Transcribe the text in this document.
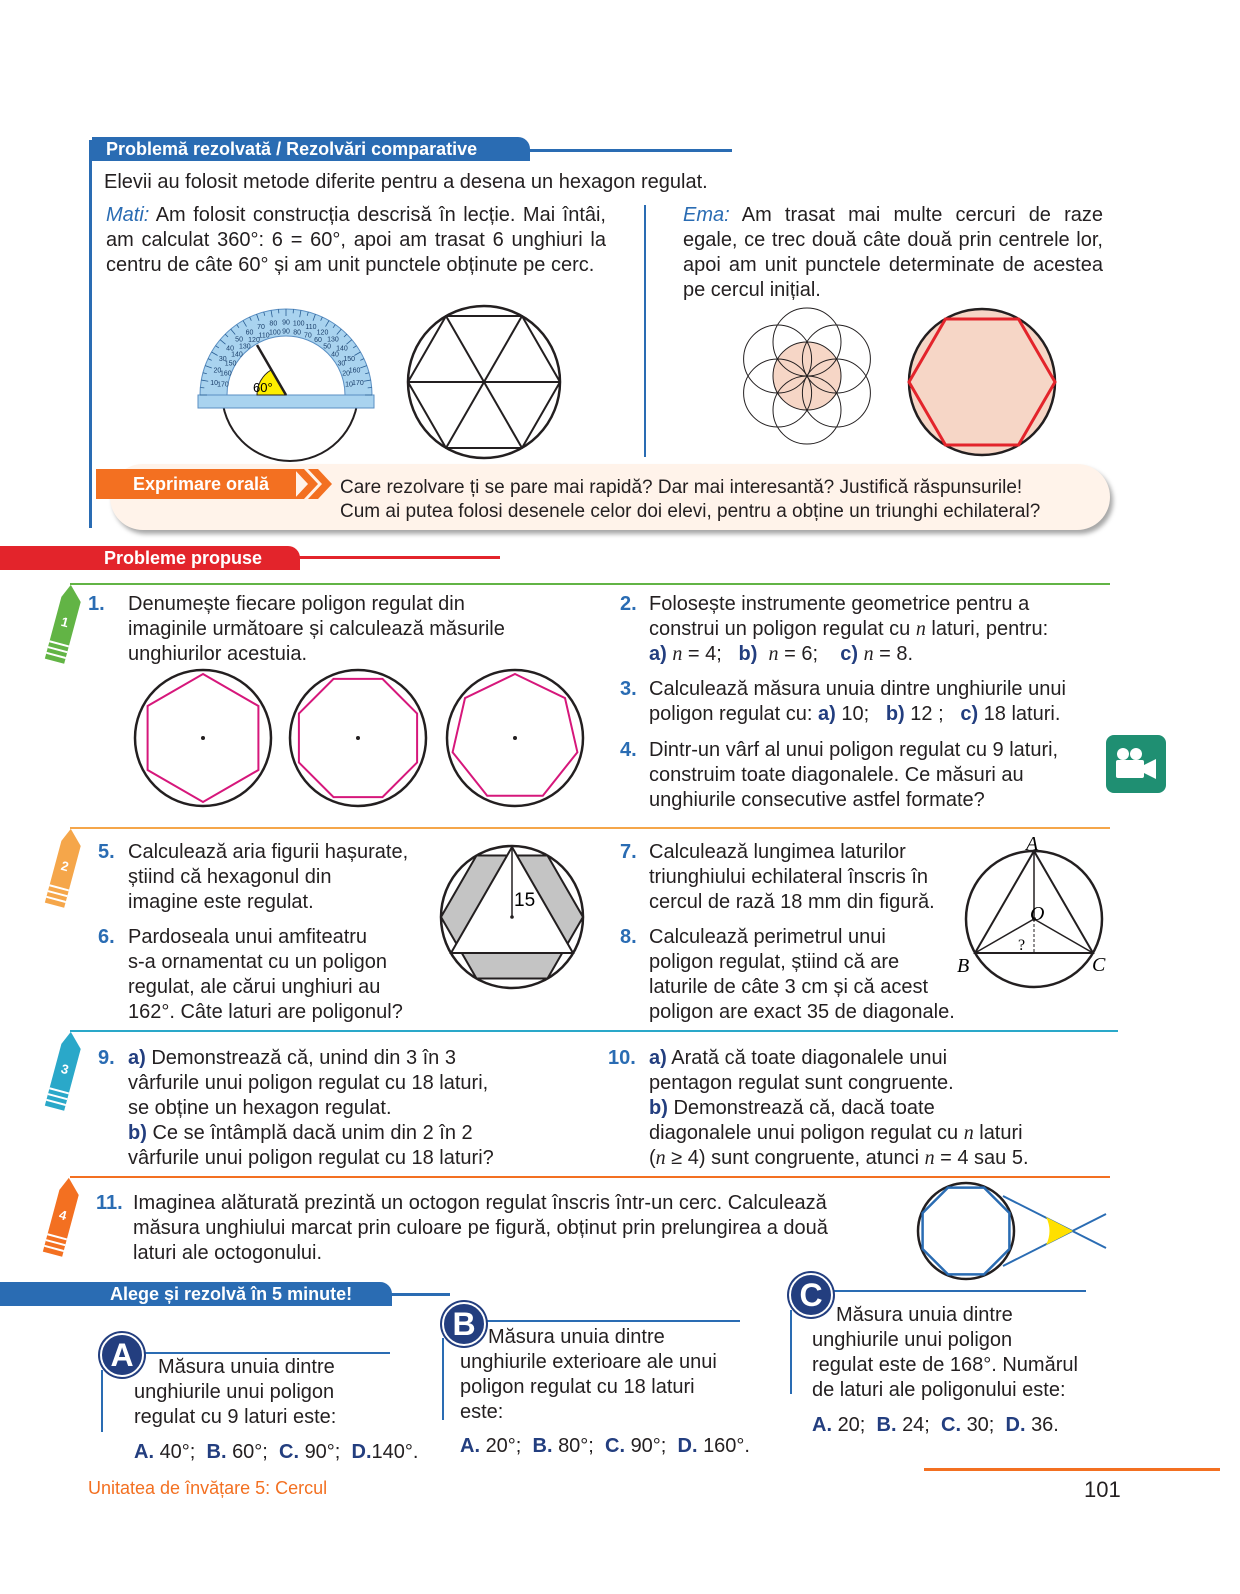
Problemă rezolvată / Rezolvări comparative
Elevii au folosit metode diferite pentru a desena un hexagon regulat.
Mati: Am folosit construcția descrisă în lecție. Mai întâi, am calculat 360°: 6 = 60°, apoi am trasat 6 unghiuri la centru de câte 60° și am unit punctele obținute pe cerc.
Ema: Am trasat mai multe cercuri de raze egale, ce trec două câte două prin centrele lor, apoi am unit punctele determinate de acestea pe cercul inițial.
10
20
30
40
50
60
70 80 90 100 110
120
130
140
150
160
170
170
160
150
140
130
120
110 100 90 80 70
60
50
40
30
20
10
60°
Exprimare orală	Care rezolvare ți se pare mai rapidă? Dar mai interesantă? Justifică răspunsurile!
Cum ai putea folosi desenele celor doi elevi, pentru a obține un triunghi echilateral?
Probleme propuse
1
2
3
4
1. Denumește fiecare poligon regulat din
imaginile următoare și calculează măsurile
unghiurilor acestuia.
2. Folosește instrumente geometrice pentru a
construi un poligon regulat cu n laturi, pentru:
a) n = 4; b) n = 6; c) n = 8.
3. Calculează măsura unuia dintre unghiurile unui
poligon regulat cu: a) 10; b) 12 ; c) 18 laturi.
4. Dintr-un vârf al unui poligon regulat cu 9 laturi,
construim toate diagonalele. Ce măsuri au
unghiurile consecutive astfel formate?
5. Calculează aria figurii hașurate,
știind că hexagonul din
imagine este regulat.	15
6. Pardoseala unui amfiteatru
s-a ornamentat cu un poligon
regulat, ale cărui unghiuri au
162°. Câte laturi are poligonul?
7. Calculează lungimea laturilor
triunghiului echilateral înscris în
cercul de rază 18 mm din figură.
A
B	C
O
?
8. Calculează perimetrul unui
poligon regulat, știind că are
laturile de câte 3 cm și că acest
poligon are exact 35 de diagonale.
9. a) Demonstrează că, unind din 3 în 3
vârfurile unui poligon regulat cu 18 laturi,
se obține un hexagon regulat.
b) Ce se întâmplă dacă unim din 2 în 2
vârfurile unui poligon regulat cu 18 laturi?
10. a) Arată că toate diagonalele unui
pentagon regulat sunt congruente.
b) Demonstrează că, dacă toate
diagonalele unui poligon regulat cu n laturi
(n ≥ 4) sunt congruente, atunci n = 4 sau 5.
11. Imaginea alăturată prezintă un octogon regulat înscris într-un cerc. Calculează
măsura unghiului marcat prin culoare pe figură, obținut prin prelungirea a două
laturi ale octogonului.
Alege și rezolvă în 5 minute!
A	Măsura unuia dintre
unghiurile unui poligon
regulat cu 9 laturi este:
A. 40°; B. 60°; C. 90°; D.140°.
B Măsura unuia dintre
unghiurile exterioare ale unui
poligon regulat cu 18 laturi
este:
A. 20°; B. 80°; C. 90°; D. 160°.
C
Măsura unuia dintre
unghiurile unui poligon
regulat este de 168°. Numărul
de laturi ale poligonului este:
A. 20; B. 24; C. 30; D. 36.
Unitatea de învățare 5: Cercul	101
